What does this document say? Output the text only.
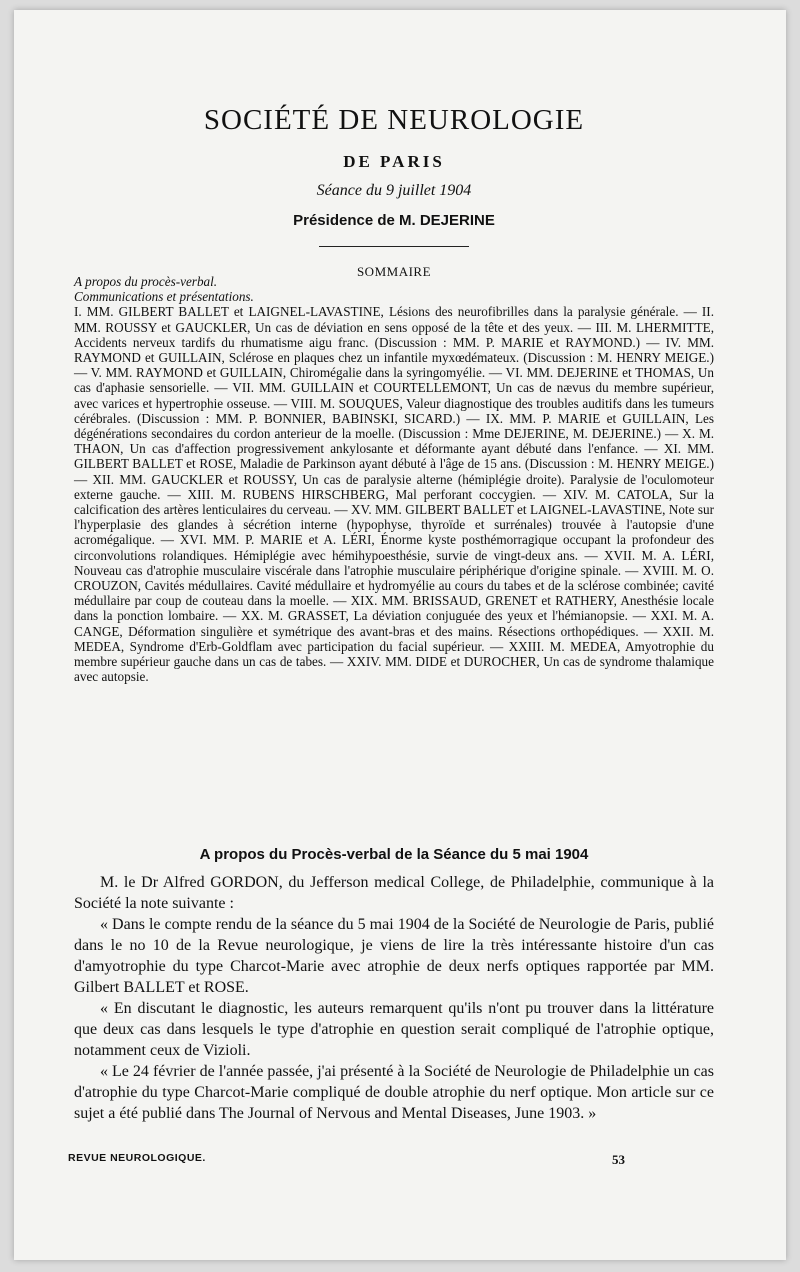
SOCIÉTÉ DE NEUROLOGIE
DE PARIS
Séance du 9 juillet 1904
Présidence de M. DEJERINE
SOMMAIRE

A propos du procès-verbal.

Communications et présentations.

I. MM. GILBERT BALLET et LAIGNEL-LAVASTINE, Lésions des neurofibrilles dans la paralysie générale. — II. MM. ROUSSY et GAUCKLER, Un cas de déviation en sens opposé de la tête et des yeux. — III. M. LHERMITTE, Accidents nerveux tardifs du rhumatisme aigu franc. (Discussion : MM. P. MARIE et RAYMOND.) — IV. MM. RAYMOND et GUILLAIN, Sclérose en plaques chez un infantile myxœdémateux. (Discussion : M. HENRY MEIGE.) — V. MM. RAYMOND et GUILLAIN, Chiromégalie dans la syringomyélie. — VI. MM. DEJERINE et THOMAS, Un cas d'aphasie sensorielle. — VII. MM. GUILLAIN et COURTELLEMONT, Un cas de nævus du membre supérieur, avec varices et hypertrophie osseuse. — VIII. M. SOUQUES, Valeur diagnostique des troubles auditifs dans les tumeurs cérébrales. (Discussion : MM. P. BONNIER, BABINSKI, SICARD.) — IX. MM. P. MARIE et GUILLAIN, Les dégénérations secondaires du cordon anterieur de la moelle. (Discussion : Mme DEJERINE, M. DEJERINE.) — X. M. THAON, Un cas d'affection progressivement ankylosante et déformante ayant débuté dans l'enfance. — XI. MM. GILBERT BALLET et ROSE, Maladie de Parkinson ayant débuté à l'âge de 15 ans. (Discussion : M. HENRY MEIGE.) — XII. MM. GAUCKLER et ROUSSY, Un cas de paralysie alterne (hémiplégie droite). Paralysie de l'oculomoteur externe gauche. — XIII. M. RUBENS HIRSCHBERG, Mal perforant coccygien. — XIV. M. CATOLA, Sur la calcification des artères lenticulaires du cerveau. — XV. MM. GILBERT BALLET et LAIGNEL-LAVASTINE, Note sur l'hyperplasie des glandes à sécrétion interne (hypophyse, thyroïde et surrénales) trouvée à l'autopsie d'une acromégalique. — XVI. MM. P. MARIE et A. LÉRI, Énorme kyste posthémorragique occupant la profondeur des circonvolutions rolandiques. Hémiplégie avec hémihypoesthésie, survie de vingt-deux ans. — XVII. M. A. LÉRI, Nouveau cas d'atrophie musculaire viscérale dans l'atrophie musculaire périphérique d'origine spinale. — XVIII. M. O. CROUZON, Cavités médullaires. Cavité médullaire et hydromyélie au cours du tabes et de la sclérose combinée; cavité médullaire par coup de couteau dans la moelle. — XIX. MM. BRISSAUD, GRENET et RATHERY, Anesthésie locale dans la ponction lombaire. — XX. M. GRASSET, La déviation conjuguée des yeux et l'hémianopsie. — XXI. M. A. CANGE, Déformation singulière et symétrique des avant-bras et des mains. Résections orthopédiques. — XXII. M. MEDEA, Syndrome d'Erb-Goldflam avec participation du facial supérieur. — XXIII. M. MEDEA, Amyotrophie du membre supérieur gauche dans un cas de tabes. — XXIV. MM. DIDE et DUROCHER, Un cas de syndrome thalamique avec autopsie.

A propos du Procès-verbal de la Séance du 5 mai 1904

M. le Dr Alfred GORDON, du Jefferson medical College, de Philadelphie, communique à la Société la note suivante :

« Dans le compte rendu de la séance du 5 mai 1904 de la Société de Neurologie de Paris, publié dans le no 10 de la Revue neurologique, je viens de lire la très intéressante histoire d'un cas d'amyotrophie du type Charcot-Marie avec atrophie de deux nerfs optiques rapportée par MM. Gilbert BALLET et ROSE.

« En discutant le diagnostic, les auteurs remarquent qu'ils n'ont pu trouver dans la littérature que deux cas dans lesquels le type d'atrophie en question serait compliqué de l'atrophie optique, notamment ceux de Vizioli.

« Le 24 février de l'année passée, j'ai présenté à la Société de Neurologie de Philadelphie un cas d'atrophie du type Charcot-Marie compliqué de double atrophie du nerf optique. Mon article sur ce sujet a été publié dans The Journal of Nervous and Mental Diseases, June 1903. »

REVUE NEUROLOGIQUE.	53
